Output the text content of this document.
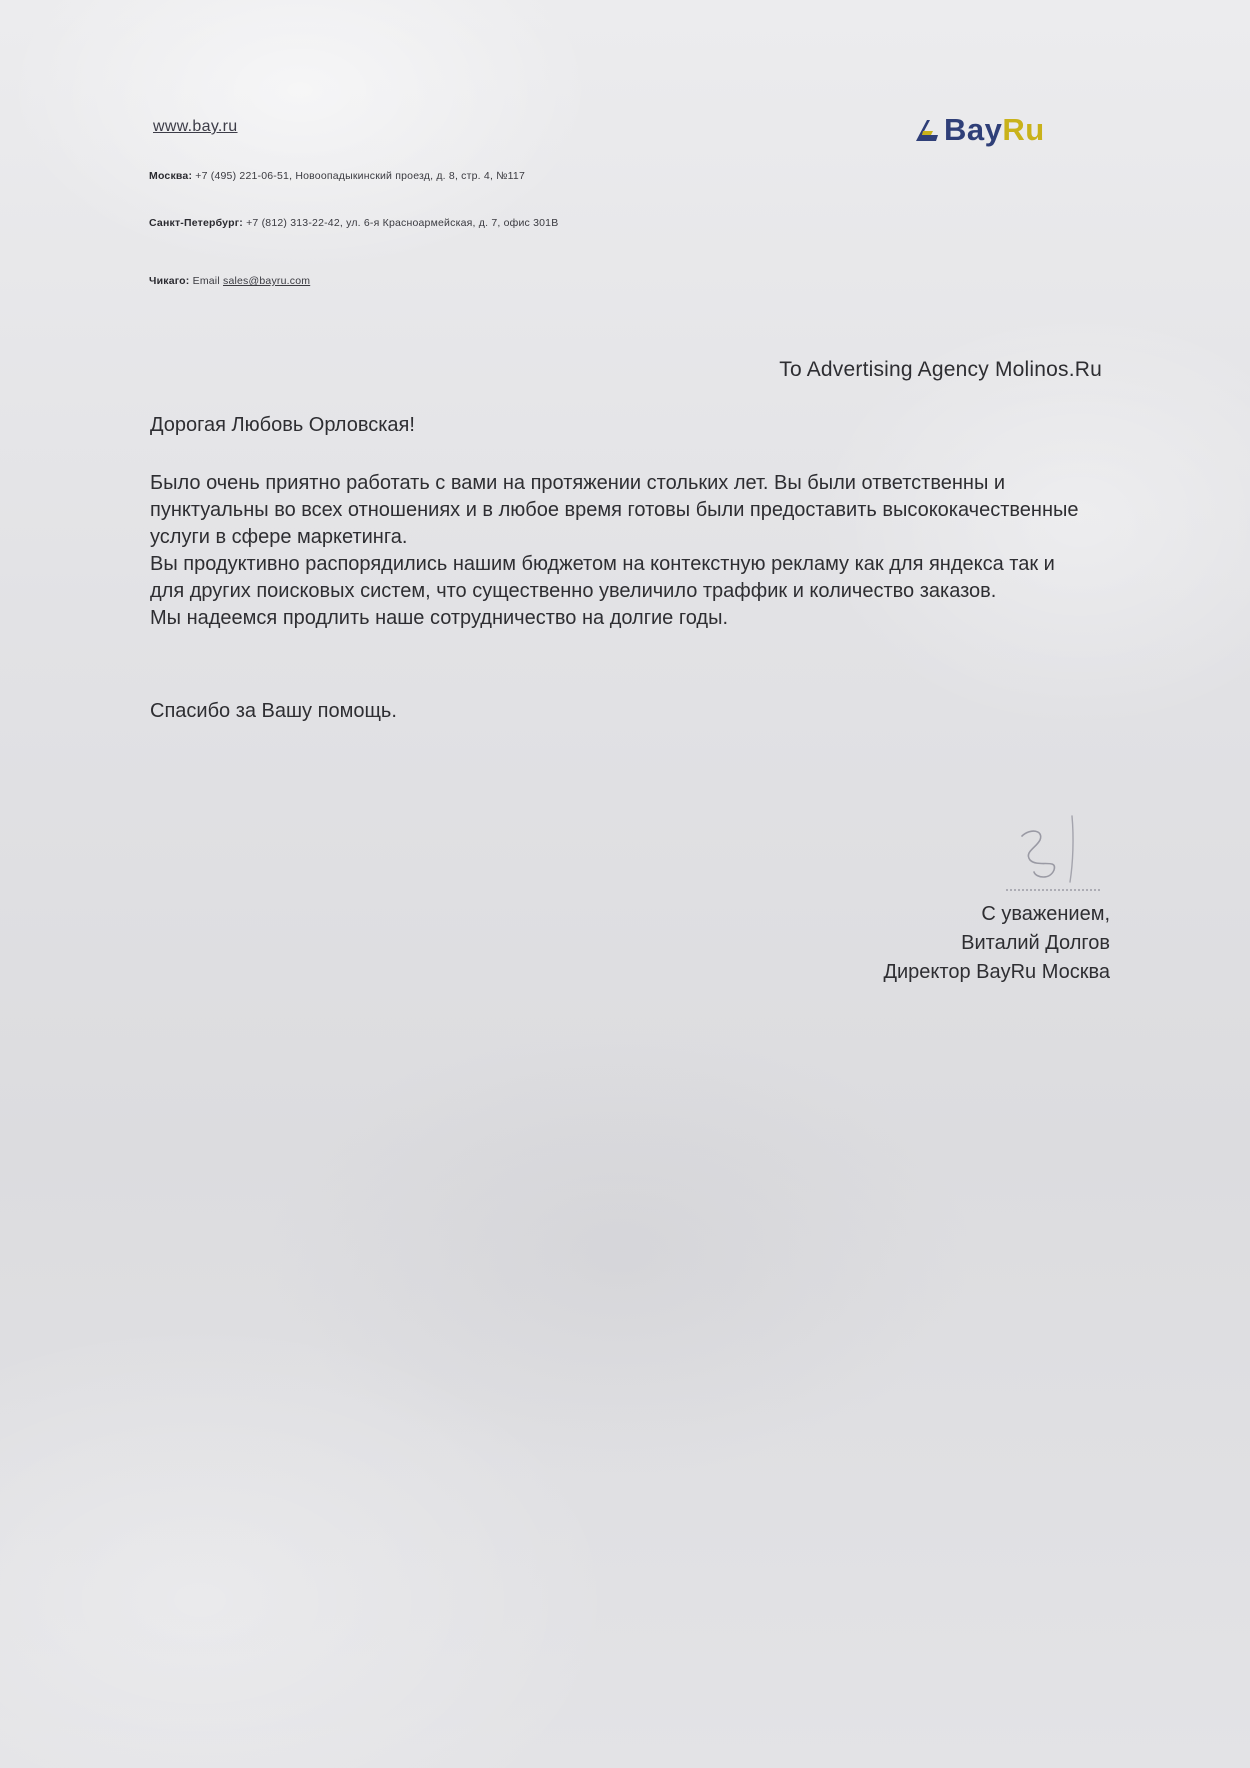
www.bay.ru	Bay Ru
Москва: +7 (495) 221-06-51, Новоопадыкинский проезд, д. 8, стр. 4, №117
Санкт-Петербург: +7 (812) 313-22-42, ул. 6-я Красноармейская, д. 7, офис 301B
Чикаго: Email sales@bayru.com
To Advertising Agency Molinos.Ru
Дорогая Любовь Орловская!

Было очень приятно работать с вами на протяжении стольких лет. Вы были ответственны и пунктуальны во всех отношениях и в любое время готовы были предоставить высококачественные услуги в сфере маркетинга.

Вы продуктивно распорядились нашим бюджетом на контекстную рекламу как для яндекса так и для других поисковых систем, что существенно увеличило траффик и количество заказов.

Мы надеемся продлить наше сотрудничество на долгие годы.

Спасибо за Вашу помощь.
С уважением,
Виталий Долгов
Директор BayRu Москва
